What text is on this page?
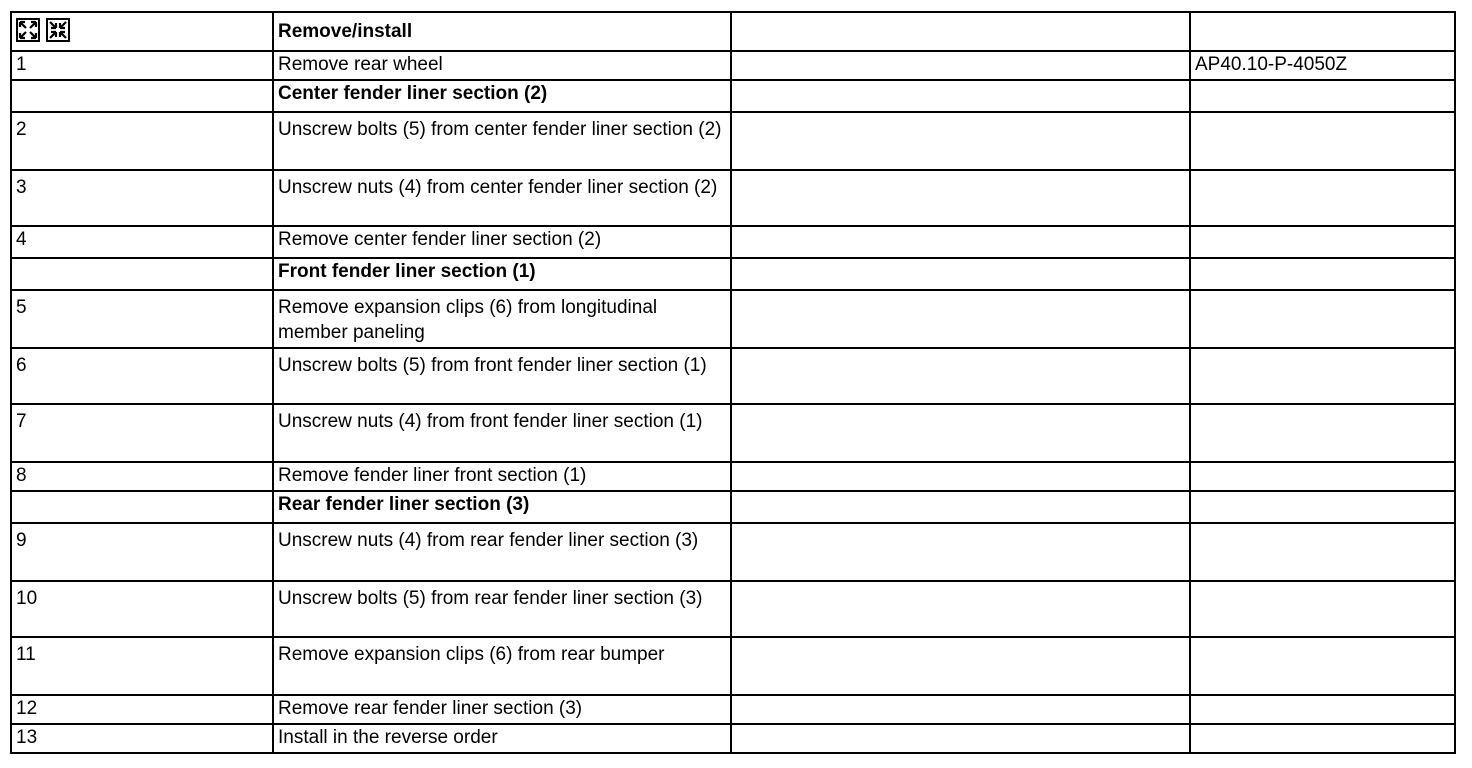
	Remove/install		
1	Remove rear wheel		AP40.10-P-4050Z
	Center fender liner section (2)		
2	Unscrew bolts (5) from center fender liner section (2)		
3	Unscrew nuts (4) from center fender liner section (2)		
4	Remove center fender liner section (2)		
	Front fender liner section (1)		
5	Remove expansion clips (6) from longitudinal member paneling		
6	Unscrew bolts (5) from front fender liner section (1)		
7	Unscrew nuts (4) from front fender liner section (1)		
8	Remove fender liner front section (1)		
	Rear fender liner section (3)		
9	Unscrew nuts (4) from rear fender liner section (3)		
10	Unscrew bolts (5) from rear fender liner section (3)		
11	Remove expansion clips (6) from rear bumper		
12	Remove rear fender liner section (3)		
13	Install in the reverse order		
